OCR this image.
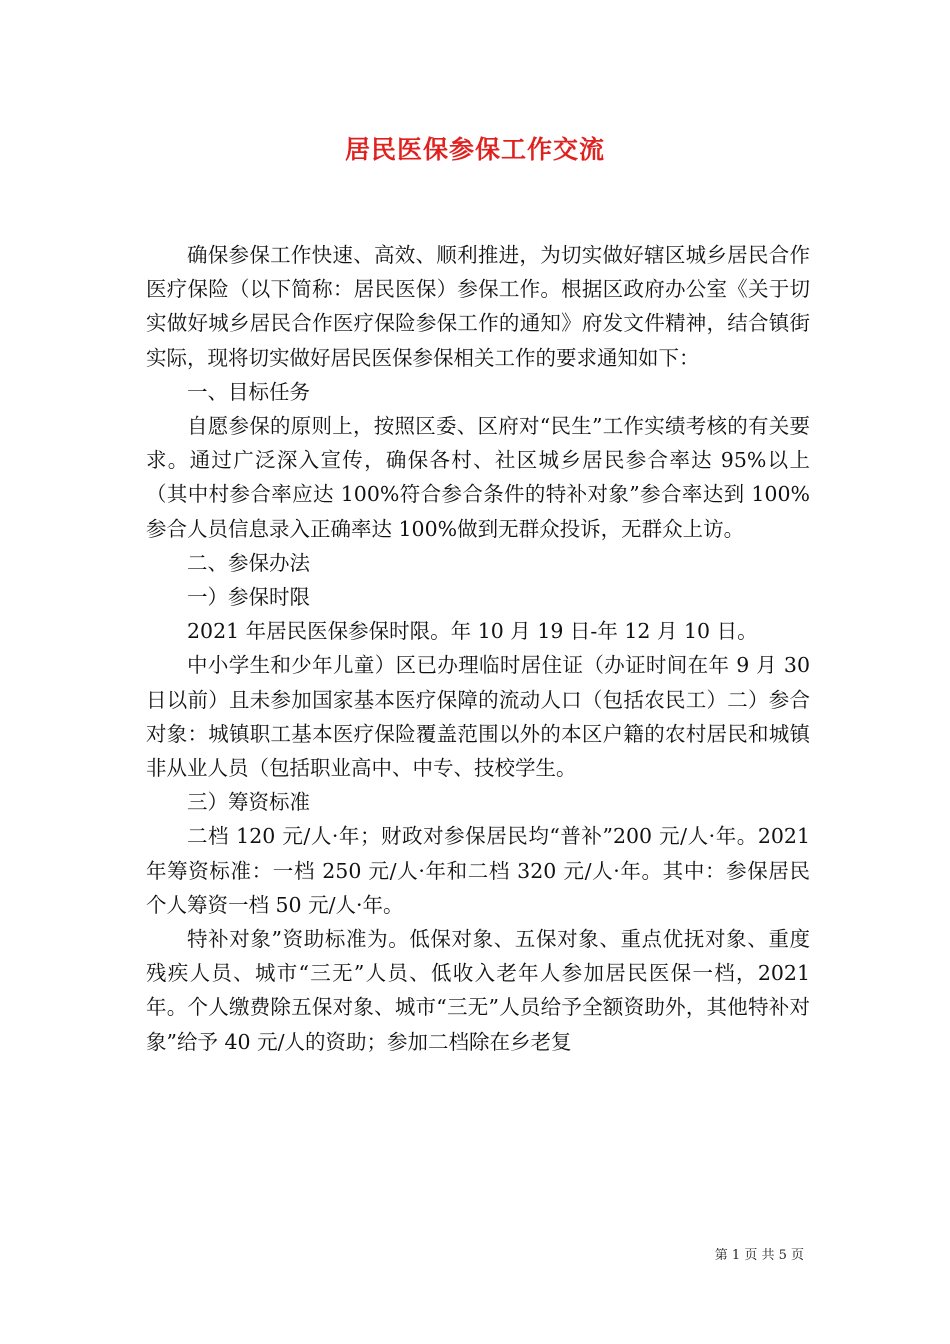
居民医保参保工作交流

确保参保工作快速、高效、顺利推进，为切实做好辖区城乡居民合作医疗保险（以下简称：居民医保）参保工作。根据区政府办公室《关于切实做好城乡居民合作医疗保险参保工作的通知》府发文件精神，结合镇街实际，现将切实做好居民医保参保相关工作的要求通知如下：

一、目标任务

自愿参保的原则上，按照区委、区府对“民生”工作实绩考核的有关要求。通过广泛深入宣传，确保各村、社区城乡居民参合率达 95%以上（其中村参合率应达 100%符合参合条件的特补对象”参合率达到 100%参合人员信息录入正确率达 100%做到无群众投诉，无群众上访。

二、参保办法

一）参保时限

2021 年居民医保参保时限。年 10 月 19 日-年 12 月 10 日。

中小学生和少年儿童）区已办理临时居住证（办证时间在年 9 月 30 日以前）且未参加国家基本医疗保障的流动人口（包括农民工）二）参合对象：城镇职工基本医疗保险覆盖范围以外的本区户籍的农村居民和城镇非从业人员（包括职业高中、中专、技校学生。

三）筹资标准

二档 120 元/人·年；财政对参保居民均“普补”200 元/人·年。2021 年筹资标准：一档 250 元/人·年和二档 320 元/人·年。其中：参保居民个人筹资一档 50 元/人·年。

特补对象”资助标准为。低保对象、五保对象、重点优抚对象、重度残疾人员、城市“三无”人员、低收入老年人参加居民医保一档，2021 年。个人缴费除五保对象、城市“三无”人员给予全额资助外，其他特补对象”给予 40 元/人的资助；参加二档除在乡老复

第 1 页 共 5 页
